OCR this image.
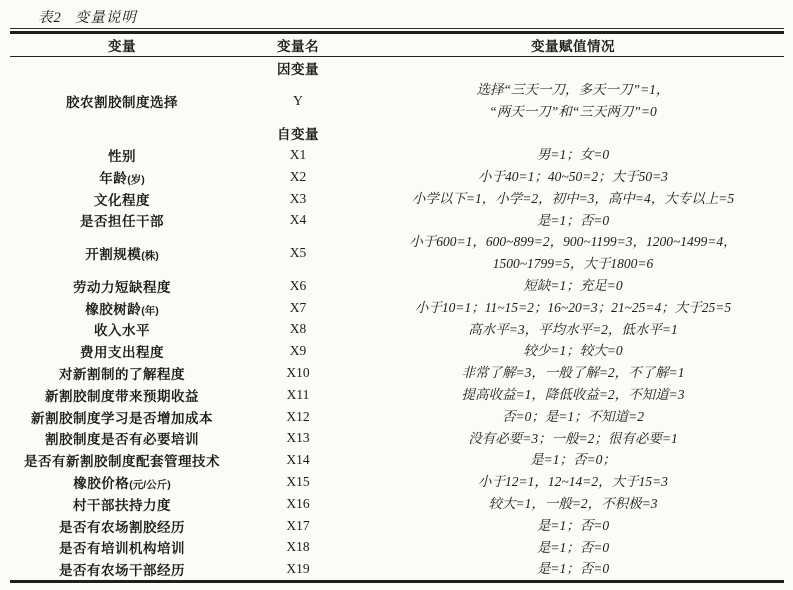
表2 变量说明
变量	变量名	变量赋值情况
因变量
胶农割胶制度选择	Y
选择“三天一刀，多天一刀”=1，
“两天一刀”和“三天两刀”=0
自变量
性别	X1	男=1；女=0
年龄(岁)	X2	小于40=1；40~50=2；大于50=3
文化程度	X3	小学以下=1，小学=2，初中=3，高中=4，大专以上=5
是否担任干部	X4	是=1；否=0
开割规模(株)	X5
小于600=1，600~899=2，900~1199=3，1200~1499=4，
1500~1799=5，大于1800=6
劳动力短缺程度	X6	短缺=1；充足=0
橡胶树龄(年)	X7	小于10=1；11~15=2；16~20=3；21~25=4；大于25=5
收入水平	X8	高水平=3，平均水平=2，低水平=1
费用支出程度	X9	较少=1；较大=0
对新割制的了解程度	X10	非常了解=3，一般了解=2，不了解=1
新割胶制度带来预期收益	X11	提高收益=1，降低收益=2，不知道=3
新割胶制度学习是否增加成本	X12	否=0；是=1；不知道=2
割胶制度是否有必要培训	X13	没有必要=3；一般=2；很有必要=1
是否有新割胶制度配套管理技术	X14	是=1；否=0；
橡胶价格(元/公斤)	X15	小于12=1，12~14=2，大于15=3
村干部扶持力度	X16	较大=1，一般=2，不积极=3
是否有农场割胶经历	X17	是=1；否=0
是否有培训机构培训	X18	是=1；否=0
是否有农场干部经历	X19	是=1；否=0
